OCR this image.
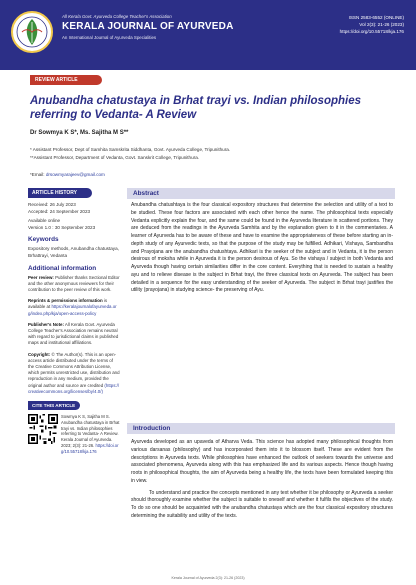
All Kerala Govt. Ayurveda College Teacher's Association
KERALA JOURNAL OF AYURVEDA
An International Journal of Ayurveda Specialities
ISSN 2583-6552 (ONLINE)
Vol 2(3): 21-26 (2023)
https://doi.org/10.55718/kja.176
REVIEW ARTICLE
Anubandha chatustaya in Brhat trayi vs. Indian philosophies referring to Vedanta- A Review
Dr Sowmya K S*, Ms. Sajitha M S**
* Assistant Professor, Dept of Samhita Samskrita Siddhanta, Govt. Ayurveda College, Tripunithura.
**Assistant Professor, Department of Vedanta, Govt. Sanskrit College, Tripunithura.
*Email: drsowmyarajeev@gmail.com
ARTICLE HISTORY
Received: 26 July 2023
Accepted: 24 September 2023
Available online
Version 1.0 : 30 September 2023
Keywords
Expository methods, Anubandha chatustaya, Brhattrayi, Vedanta
Additional information
Peer review: Publisher thanks Sectional Editor and the other anonymous reviewers for their contribution to the peer review of this work.
Reprints & permissions information is available at https://keralajournalofayurveda.org/index.php/kja/open-access-policy
Publisher's Note: All Kerala Govt. Ayurveda College Teacher's Association remains neutral with regard to jurisdictional claims in published maps and institutional affiliations.
Copyright: © The Author(s). This is an open-access article distributed under the terms of the Creative Commons Attribution License, which permits unrestricted use, distribution and reproduction in any medium, provided the original author and source are credited (https://creativecommons.org/licenses/by/4.0/)
CITE THIS ARTICLE
Sowmya K S, Sajitha M S. Anubandha chatustaya in Brhat trayi vs. Indian philosophies referring to Vedanta- A Review. Kerala Journal of Ayurveda. 2023; 2(3): 21-26. https://doi.org/10.55718/kja.176
Abstract
Anubandha chatushtaya is the four classical expository structures that determine the selection and utility of a text to be studied. These four factors are associated with each other hence the name. The philosophical texts especially Vedanta explicitly explain the four, and the same could be found in the Ayurveda literature in scattered portions. They are deduced from the readings in the Ayurveda Samhita and by the explanation given to it in the commentaries. A learner of Ayurveda has to be aware of these and have to examine the appropriateness of these before starting an in-depth study of any Ayurvedic texts, so that the purpose of the study may be fulfilled. Adhikari, Vishaya, Sambandha and Prayojana are the anubandha chatushtaya. Adhikari is the seeker of the subject and in Vedanta, it is the person desirous of moksha while in Ayurveda it is the person desirous of Ayu. So the vishaya / subject in both Vedanta and Ayurveda though having certain similarities differ in the core content. Everything that is needed to sustain a healthy ayu and to relieve disease is the subject in Brhat trayi, the three classical texts on Ayurveda. The subject has been detailed in a sequence for the easy understanding of the seeker of Ayurveda. The subject in Brhat trayi justifies the utility (prayojana) in studying science- the preserving of Ayu.
Introduction

Ayurveda developed as an upaveda of Atharva Veda. This science has adopted many philosophical thoughts from various darsanas (philosophy) and has incorporated them into it to blossom itself. These are evident from the descriptions in Ayurveda texts. While philosophies have enhanced the outlook of seekers towards the universe and associated phenomena, Ayurveda along with this has emphasized life and its various aspects. Hence though having roots in philosophical thoughts, the aim of Ayurveda being a healthy life, the texts have been formulated keeping this in view.

To understand and practice the concepts mentioned in any text whether it be philosophy or Ayurveda a seeker should thoroughly examine whether the subject is suitable to oneself and whether it fulfils the objectives of the study. To do so one should be acquainted with the anubandha chatustaya which are the four classical expository structures determining the suitability and utility of the texts.

Kerala Journal of Ayurveda 2(3): 21-26 (2023)
